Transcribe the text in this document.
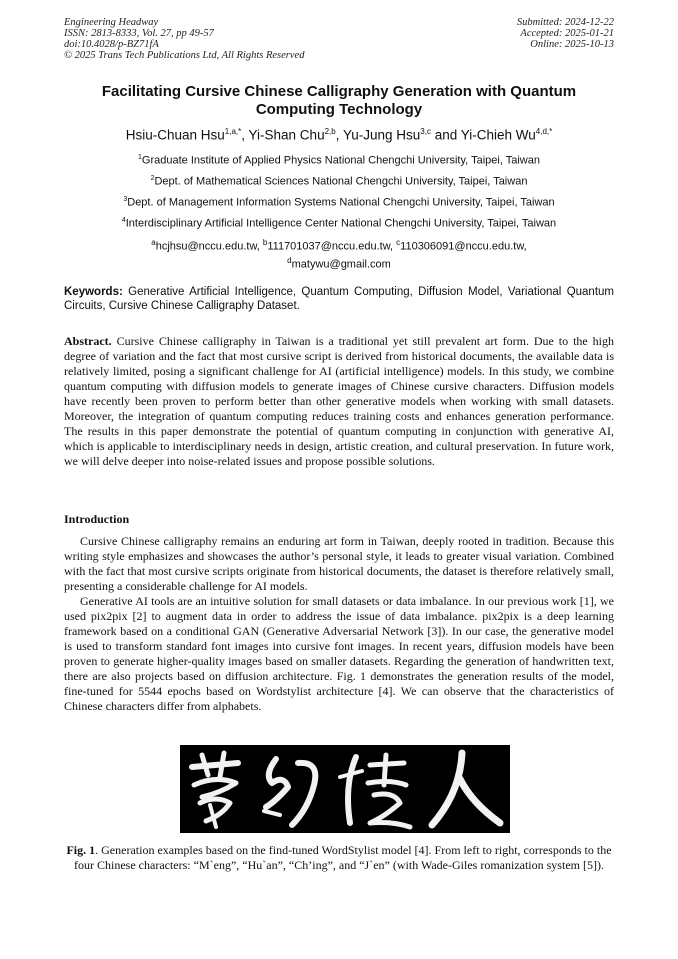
Engineering Headway
ISSN: 2813-8333, Vol. 27, pp 49-57
doi:10.4028/p-BZ71fA
© 2025 Trans Tech Publications Ltd, All Rights Reserved
Submitted: 2024-12-22
Accepted: 2025-01-21
Online: 2025-10-13
Facilitating Cursive Chinese Calligraphy Generation with Quantum Computing Technology
Hsiu-Chuan Hsu$^{1,a,*}$, Yi-Shan Chu$^{2,b}$, Yu-Jung Hsu$^{3,c}$ and Yi-Chieh $Wu^{4,d,*}$
$^1$Graduate Institute of Applied Physics National Chengchi University, Taipei, Taiwan
$^2$Dept. of Mathematical Sciences National Chengchi University, Taipei, Taiwan
$^3$Dept. of Management Information Systems National Chengchi University, Taipei, Taiwan
$^4$Interdisciplinary Artificial Intelligence Center National Chengchi University, Taipei, Taiwan
$^a$hcjhsu@nccu.edu.tw, $^b$111701037@nccu.edu.tw, $^c$110306091@nccu.edu.tw,
$^d$matywu@gmail.com
Keywords: Generative Artificial Intelligence, Quantum Computing, Diffusion Model, Variational Quantum Circuits, Cursive Chinese Calligraphy Dataset.
Abstract. Cursive Chinese calligraphy in Taiwan is a traditional yet still prevalent art form. Due to the high degree of variation and the fact that most cursive script is derived from historical documents, the available data is relatively limited, posing a significant challenge for AI (artificial intelligence) models. In this study, we combine quantum computing with diffusion models to generate images of Chinese cursive characters. Diffusion models have recently been proven to perform better than other generative models when working with small datasets. Moreover, the integration of quantum computing reduces training costs and enhances generation performance. The results in this paper demonstrate the potential of quantum computing in conjunction with generative AI, which is applicable to interdisciplinary needs in design, artistic creation, and cultural preservation. In future work, we will delve deeper into noise-related issues and propose possible solutions.
Introduction

Cursive Chinese calligraphy remains an enduring art form in Taiwan, deeply rooted in tradition. Because this writing style emphasizes and showcases the author’s personal style, it leads to greater visual variation. Combined with the fact that most cursive scripts originate from historical documents, the dataset is therefore relatively small, presenting a considerable challenge for AI models.

Generative AI tools are an intuitive solution for small datasets or data imbalance. In our previous work [1], we used pix2pix [2] to augment data in order to address the issue of data imbalance. pix2pix is a deep learning framework based on a conditional GAN (Generative Adversarial Network [3]). In our case, the generative model is used to transform standard font images into cursive font images. In recent years, diffusion models have been proven to generate higher-quality images based on smaller datasets. Regarding the generation of handwritten text, there are also projects based on diffusion architecture. Fig. 1 demonstrates the generation results of the model, fine-tuned for 5544 epochs based on Wordstylist architecture [4]. We can observe that the characteristics of Chinese characters differ from alphabets.

Fig. 1. Generation examples based on the find-tuned WordStylist model [4]. From left to right, corresponds to the four Chinese characters: “M`eng”, “Hu`an”, “Ch’ing”, and “J`en” (with Wade-Giles romanization system [5]).
